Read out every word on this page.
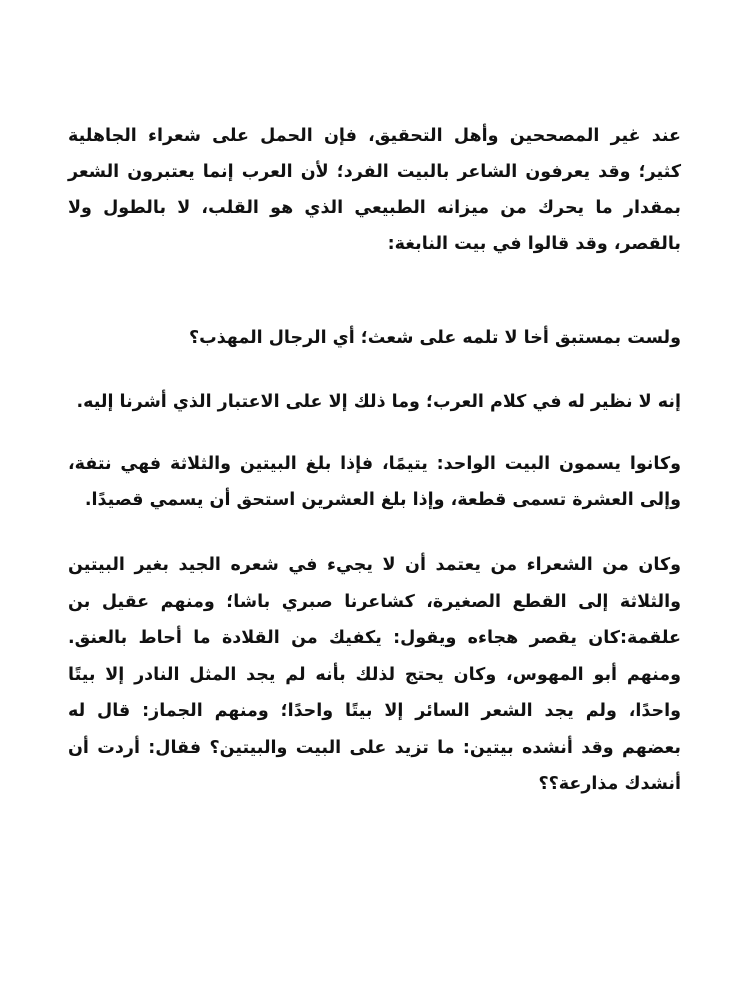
عند غير المصححين وأهل التحقيق، فإن الحمل على شعراء الجاهلية كثير؛ وقد يعرفون الشاعر بالبيت الفرد؛ لأن العرب إنما يعتبرون الشعر بمقدار ما يحرك من ميزانه الطبيعي الذي هو القلب، لا بالطول ولا بالقصر، وقد قالوا في بيت النابغة:

ولست بمستبق أخا لا تلمه على شعث؛ أي الرجال المهذب؟

إنه لا نظير له في كلام العرب؛ وما ذلك إلا على الاعتبار الذي أشرنا إليه.

وكانوا يسمون البيت الواحد: يتيمًا، فإذا بلغ البيتين والثلاثة فهي نتفة، وإلى العشرة تسمى قطعة، وإذا بلغ العشرين استحق أن يسمي قصيدًا.

وكان من الشعراء من يعتمد أن لا يجيء في شعره الجيد بغير البيتين والثلاثة إلى القطع الصغيرة، كشاعرنا صبري باشا؛ ومنهم عقيل بن علقمة:كان يقصر هجاءه ويقول: يكفيك من القلادة ما أحاط بالعنق. ومنهم أبو المهوس، وكان يحتج لذلك بأنه لم يجد المثل النادر إلا بيتًا واحدًا، ولم يجد الشعر السائر إلا بيتًا واحدًا؛ ومنهم الجماز: قال له بعضهم وقد أنشده بيتين: ما تزيد على البيت والبيتين؟ فقال: أردت أن أنشدك مذارعة؟؟
